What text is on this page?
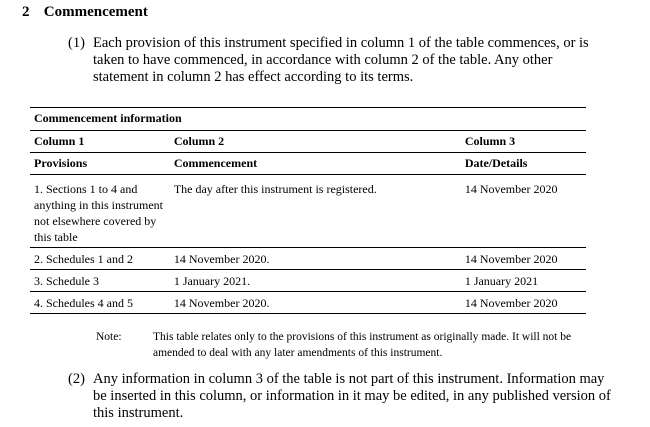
2 Commencement
(1) Each provision of this instrument specified in column 1 of the table commences, or is taken to have commenced, in accordance with column 2 of the table. Any other statement in column 2 has effect according to its terms.
Commencement information		
Column 1	Column 2	Column 3
Provisions	Commencement	Date/Details
1. Sections 1 to 4 and anything in this instrument not elsewhere covered by this table	The day after this instrument is registered.	14 November 2020
2. Schedules 1 and 2	14 November 2020.	14 November 2020
3. Schedule 3	1 January 2021.	1 January 2021
4. Schedules 4 and 5	14 November 2020.	14 November 2020
Note:	This table relates only to the provisions of this instrument as originally made. It will not be amended to deal with any later amendments of this instrument.
(2) Any information in column 3 of the table is not part of this instrument. Information may be inserted in this column, or information in it may be edited, in any published version of this instrument.
